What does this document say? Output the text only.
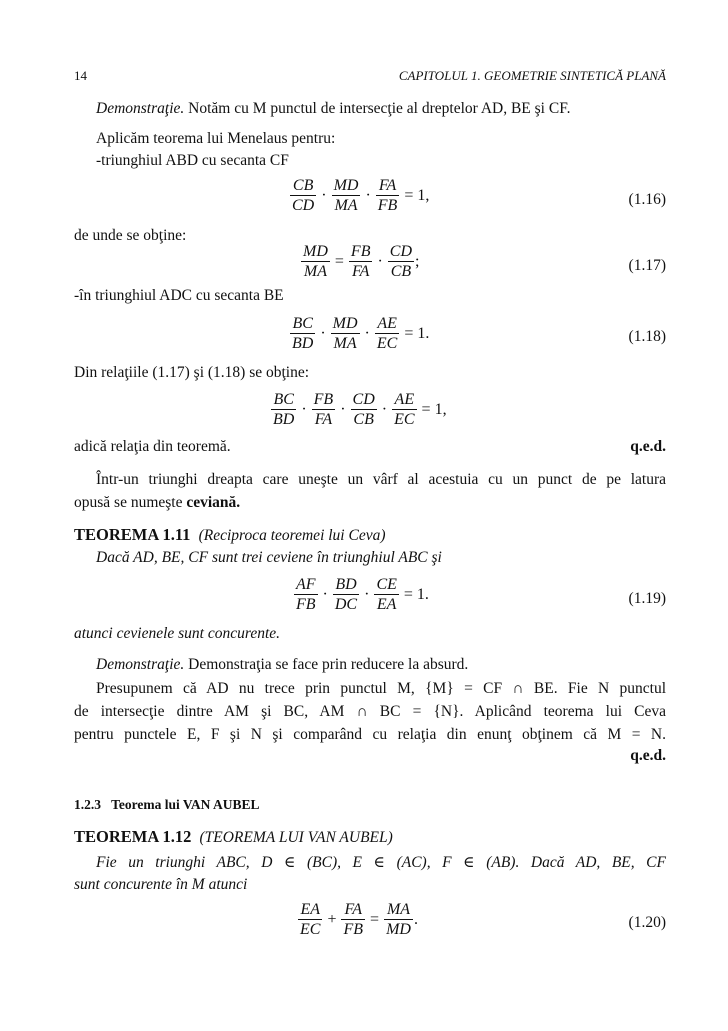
14	CAPITOLUL 1. GEOMETRIE SINTETICĂ PLANĂ
Demonstraţie. Notăm cu M punctul de intersecţie al dreptelor AD, BE şi CF.
Aplicăm teorema lui Menelaus pentru:
-triunghiul ABD cu secanta CF
$\frac{CB}{CD} \cdot \frac{MD}{MA} \cdot \frac{FA}{FB} = 1$,	(1.16)
de unde se obţine:
$\frac{MD}{MA} = \frac{FB}{FA} \cdot \frac{CD}{CB}$ ;	(1.17)
-în triunghiul ADC cu secanta BE
$\frac{BC}{BD} \cdot \frac{MD}{MA} \cdot \frac{AE}{EC} = 1$.	(1.18)
Din relaţiile (1.17) şi (1.18) se obţine:
$\frac{BC}{BD} \cdot \frac{FB}{FA} \cdot \frac{CD}{CB} \cdot \frac{AE}{EC} = 1$,
adică relaţia din teoremă.	q.e.d.
Într-un triunghi dreapta care uneşte un vârf al acestuia cu un punct de pe latura
opusă se numeşte ceviană.
TEOREMA 1.11 (Reciproca teoremei lui Ceva)
Dacă AD, BE, CF sunt trei ceviene în triunghiul ABC şi
$\frac{AF}{FB} \cdot \frac{BD}{DC} \cdot \frac{CE}{EA} = 1$.	(1.19)
atunci cevienele sunt concurente.
Demonstraţie. Demonstraţia se face prin reducere la absurd.
Presupunem că AD nu trece prin punctul M, {M} = CF ∩ BE. Fie N punctul
de intersecţie dintre AM şi BC, AM ∩ BC = {N}. Aplicând teorema lui Ceva
pentru punctele E, F şi N şi comparând cu relaţia din enunţ obţinem că M = N.
q.e.d.
1.2.3 Teorema lui VAN AUBEL
TEOREMA 1.12 (TEOREMA LUI VAN AUBEL)
Fie un triunghi ABC, D ∈ (BC), E ∈ (AC), F ∈ (AB). Dacă AD, BE, CF
sunt concurente în M atunci
$\frac{EA}{EC} + \frac{FA}{FB} = \frac{MA}{MD}$ .	(1.20)
